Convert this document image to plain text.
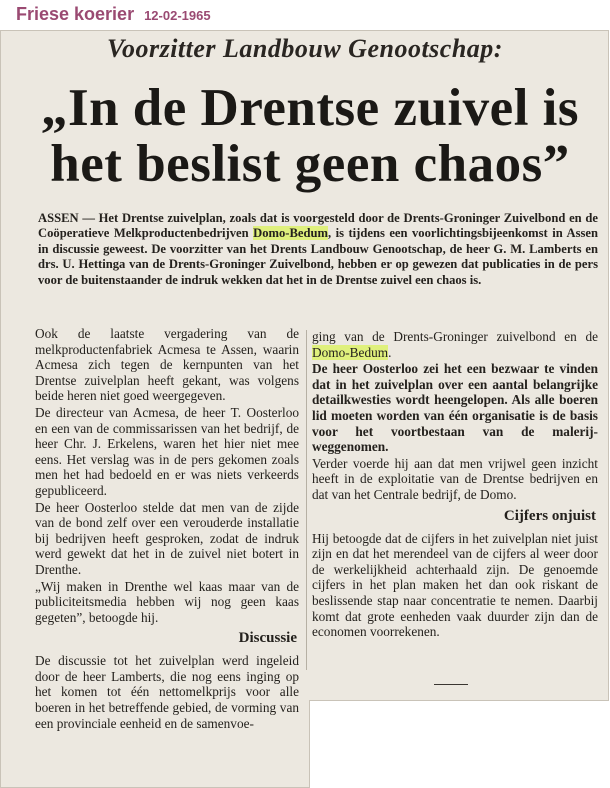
Friese koerier 12-02-1965
Voorzitter Landbouw Genootschap:
„In de Drentse zuivel is
het beslist geen chaos”
ASSEN — Het Drentse zuivelplan, zoals dat is voorgesteld door de Drents-Groninger Zuivelbond en de Coöperatieve Melkproductenbedrijven Domo-Bedum, is tijdens een voorlichtingsbijeenkomst in Assen in discussie geweest. De voorzitter van het Drents Landbouw Genootschap, de heer G. M. Lamberts en drs. U. Hettinga van de Drents-Groninger Zuivelbond, hebben er op gewezen dat publicaties in de pers voor de buitenstaander de indruk wekken dat het in de Drentse zuivel een chaos is.

Ook de laatste vergadering van de melkproductenfabriek Acmesa te Assen, waarin Acmesa zich tegen de kernpunten van het Drentse zuivelplan heeft gekant, was volgens beide heren niet goed weergegeven.

De directeur van Acmesa, de heer T. Oosterloo en een van de commissarissen van het bedrijf, de heer Chr. J. Erkelens, waren het hier niet mee eens. Het verslag was in de pers gekomen zoals men het had bedoeld en er was niets verkeerds gepubliceerd.

De heer Oosterloo stelde dat men van de zijde van de bond zelf over een verouderde installatie bij bedrijven heeft gesproken, zodat de indruk werd gewekt dat het in de zuivel niet botert in Drenthe.

„Wij maken in Drenthe wel kaas maar van de publiciteitsmedia hebben wij nog geen kaas gegeten”, betoogde hij.

Discussie

De discussie tot het zuivelplan werd ingeleid door de heer Lamberts, die nog eens inging op het komen tot één nettomelkprijs voor alle boeren in het betreffende gebied, de vorming van een provinciale eenheid en de samenvoe-

ging van de Drents-Groninger zuivelbond en de Domo-Bedum.

De heer Oosterloo zei het een bezwaar te vinden dat in het zuivelplan over een aantal belangrijke detailkwesties wordt heengelopen. Als alle boeren lid moeten worden van één organisatie is de basis voor het voortbestaan van de malerij-weggenomen.

Verder voerde hij aan dat men vrijwel geen inzicht heeft in de exploitatie van de Drentse bedrijven en dat van het Centrale bedrijf, de Domo.

Cijfers onjuist

Hij betoogde dat de cijfers in het zuivelplan niet juist zijn en dat het merendeel van de cijfers al weer door de werkelijkheid achterhaald zijn. De genoemde cijfers in het plan maken het dan ook riskant de beslissende stap naar concentratie te nemen. Daarbij komt dat grote eenheden vaak duurder zijn dan de economen voorrekenen.
